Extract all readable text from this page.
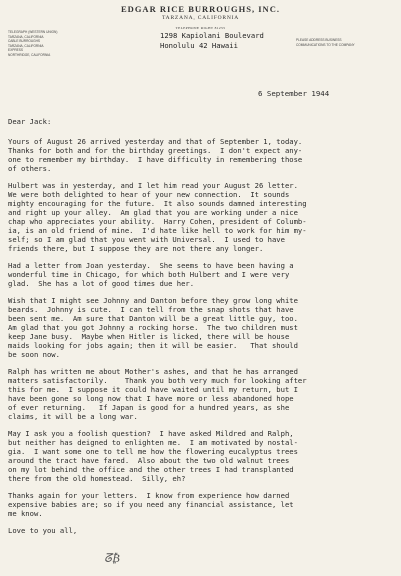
EDGAR RICE BURROUGHS, INC.
TARZANA, CALIFORNIA
TELEPHONE RIGHT 81255
1298 Kapiolani Boulevard
Honolulu 42 Hawaii
TELEGRAPH (WESTERN UNION)
TARZANA, CALIFORNIA
CABLE BURROUGHS
TARZANA, CALIFORNIA
EXPRESS
NORTHRIDGE, CALIFORNIA
PLEASE ADDRESS BUSINESS
COMMUNICATIONS TO THE COMPANY
6 September 1944
Dear Jack:
Yours of August 26 arrived yesterday and that of September 1, today.
Thanks for both and for the birthday greetings.  I don't expect any-
one to remember my birthday.  I have difficulty in remembering those
of others.
Hulbert was in yesterday, and I let him read your August 26 letter.
We were both delighted to hear of your new connection.  It sounds
mighty encouraging for the future.  It also sounds damned interesting
and right up your alley.  Am glad that you are working under a nice
chap who appreciates your ability.  Harry Cohen, president of Columb-
ia, is an old friend of mine.  I'd hate like hell to work for him my-
self; so I am glad that you went with Universal.  I used to have
friends there, but I suppose they are not there any longer.
Had a letter from Joan yesterday.  She seems to have been having a
wonderful time in Chicago, for which both Hulbert and I were very
glad.  She has a lot of good times due her.
Wish that I might see Johnny and Danton before they grow long white
beards.  Johnny is cute.  I can tell from the snap shots that have
been sent me.  Am sure that Danton will be a great little guy, too.
Am glad that you got Johnny a rocking horse.  The two children must
keep Jane busy.  Maybe when Hitler is licked, there will be house
maids looking for jobs again; then it will be easier.   That should
be soon now.
Ralph has written me about Mother's ashes, and that he has arranged
matters satisfactorily.    Thank you both very much for looking after
this for me.  I suppose it could have waited until my return, but I
have been gone so long now that I have more or less abandoned hope
of ever returning.   If Japan is good for a hundred years, as she
claims, it will be a long war.
May I ask you a foolish question?  I have asked Mildred and Ralph,
but neither has deigned to enlighten me.  I am motivated by nostal-
gia.  I want some one to tell me how the flowering eucalyptus trees
around the tract have fared.  Also about the two old walnut trees
on my lot behind the office and the other trees I had transplanted
there from the old homestead.  Silly, eh?
Thanks again for your letters.  I know from experience how darned
expensive babies are; so if you need any financial assistance, let
me know.
Love to you all,
ᘔ₿
